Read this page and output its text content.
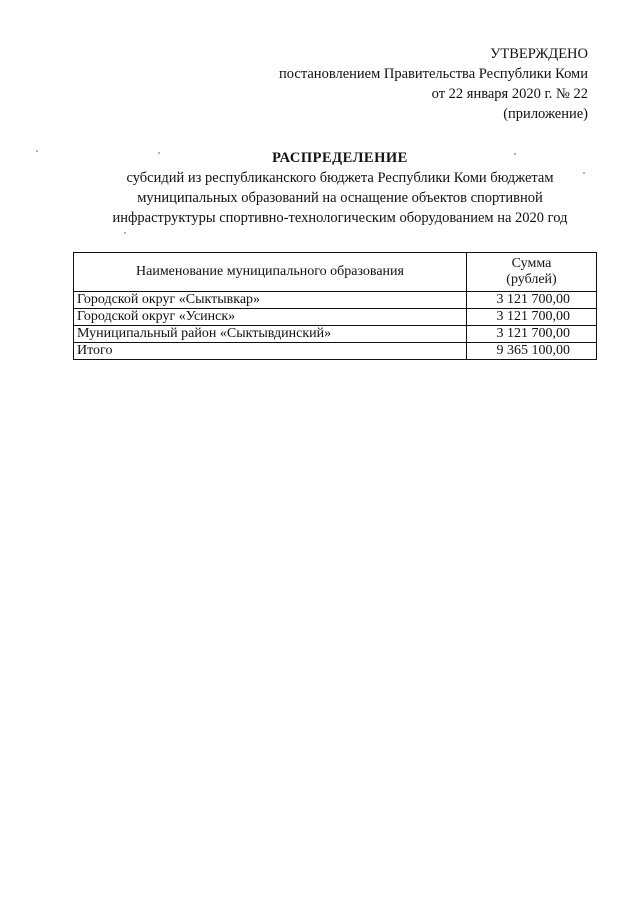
УТВЕРЖДЕНО
постановлением Правительства Республики Коми
от 22 января 2020 г. № 22
(приложение)
РАСПРЕДЕЛЕНИЕ
субсидий из республиканского бюджета Республики Коми бюджетам
муниципальных образований на оснащение объектов спортивной
инфраструктуры спортивно-технологическим оборудованием на 2020 год
Наименование муниципального образования	Сумма
(рублей)

Городской округ «Сыктывкар»	3 121 700,00
Городской округ «Усинск»	3 121 700,00
Муниципальный район «Сыктывдинский»	3 121 700,00
Итого	9 365 100,00
